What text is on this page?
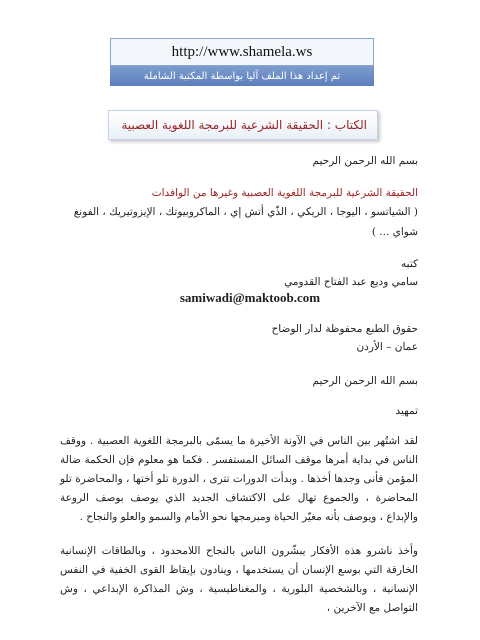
http://www.shamela.ws
تم إعداد هذا الملف آليا بواسطة المكتبة الشاملة
الكتاب : الحقيقة الشرعية للبرمجة اللغوية العصبية
بسم الله الرحمن الرحيم
الحقيقة الشرعية للبرمجة اللغوية العصبية وغيرها من الوافدات
( الشياتسو ، اليوجا ، الريكي ، الذّي أتش إي ، الماكروبيوتك ، الإيزوتيريك ، الفونغ شواي ... )
كتبه
سامي وديع عبد الفتاح القدومي
samiwadi@maktoob.com
حقوق الطبع محفوظة لدار الوضاح
عمان – الأردن
بسم الله الرحمن الرحيم
تمهيد
لقد اشتُهر بين الناس في الآونة الأخيرة ما يسمّى بالبرمجة اللغوية العصبية . ووقف الناس في بداية أمرها موقف السائل المستفسر . فكما هو معلوم فإن الحكمة ضالة المؤمن فأنى وجدها أخذها . وبدأت الدورات تترى ، الدورة تلو أختها ، والمحاضرة تلو المحاضرة ، والجموع تهال على الاكتشاف الجديد الذي يوصف بوصف الروعة والإبداع ، ويوصف بأنه مغيّر الحياة ومبرمجها نحو الأمام والسمو والعلو والنجاح .
وأخذ ناشرو هذه الأفكار يبشّرون الناس بالنجاح اللامحدود ، وبالطاقات الإنسانية الخارقة التي بوسع الإنسان أن يستخدمها ، وينادون بإيقاظ القوى الخفية في النفس الإنسانية ، وبالشخصية البلورية ، والمغناطيسية ، وش المذاكرة الإبداعي ، وش التواصل مع الآخرين ،
